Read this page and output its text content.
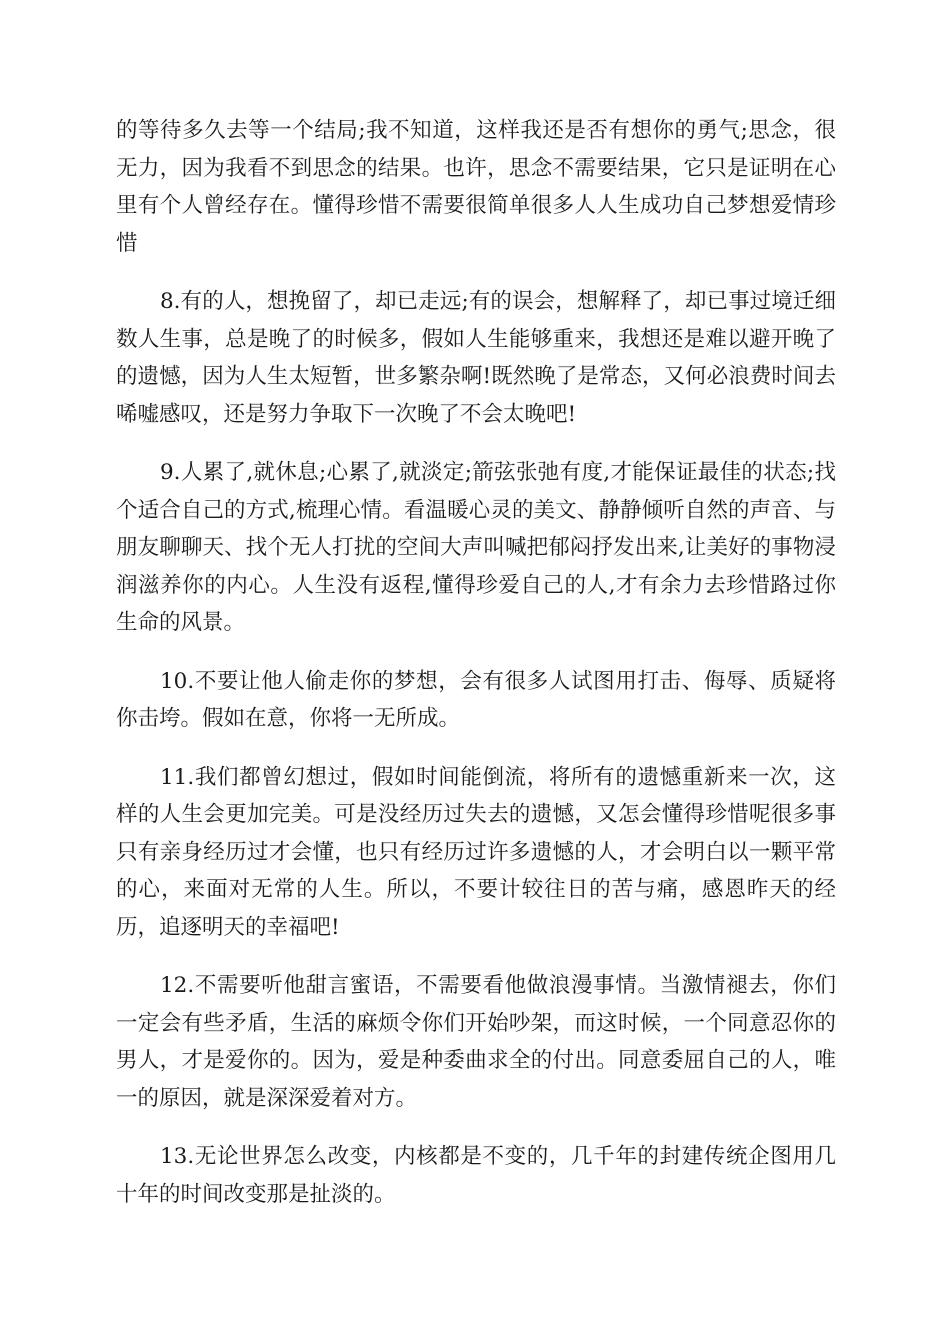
的等待多久去等一个结局;我不知道，这样我还是否有想你的勇气;思念，很无力，因为我看不到思念的结果。也许，思念不需要结果，它只是证明在心里有个人曾经存在。懂得珍惜不需要很简单很多人人生成功自己梦想爱情珍惜

8.有的人，想挽留了，却已走远;有的误会，想解释了，却已事过境迁细数人生事，总是晚了的时候多，假如人生能够重来，我想还是难以避开晚了的遗憾，因为人生太短暂，世多繁杂啊!既然晚了是常态，又何必浪费时间去唏嘘感叹，还是努力争取下一次晚了不会太晚吧!

9.人累了,就休息;心累了,就淡定;箭弦张弛有度,才能保证最佳的状态;找个适合自己的方式,梳理心情。看温暖心灵的美文、静静倾听自然的声音、与朋友聊聊天、找个无人打扰的空间大声叫喊把郁闷抒发出来,让美好的事物浸润滋养你的内心。人生没有返程,懂得珍爱自己的人,才有余力去珍惜路过你生命的风景。

10.不要让他人偷走你的梦想，会有很多人试图用打击、侮辱、质疑将你击垮。假如在意，你将一无所成。

11.我们都曾幻想过，假如时间能倒流，将所有的遗憾重新来一次，这样的人生会更加完美。可是没经历过失去的遗憾，又怎会懂得珍惜呢很多事只有亲身经历过才会懂，也只有经历过许多遗憾的人，才会明白以一颗平常的心，来面对无常的人生。所以，不要计较往日的苦与痛，感恩昨天的经历，追逐明天的幸福吧!

12.不需要听他甜言蜜语，不需要看他做浪漫事情。当激情褪去，你们一定会有些矛盾，生活的麻烦令你们开始吵架，而这时候，一个同意忍你的男人，才是爱你的。因为，爱是种委曲求全的付出。同意委屈自己的人，唯一的原因，就是深深爱着对方。

13.无论世界怎么改变，内核都是不变的，几千年的封建传统企图用几十年的时间改变那是扯淡的。
